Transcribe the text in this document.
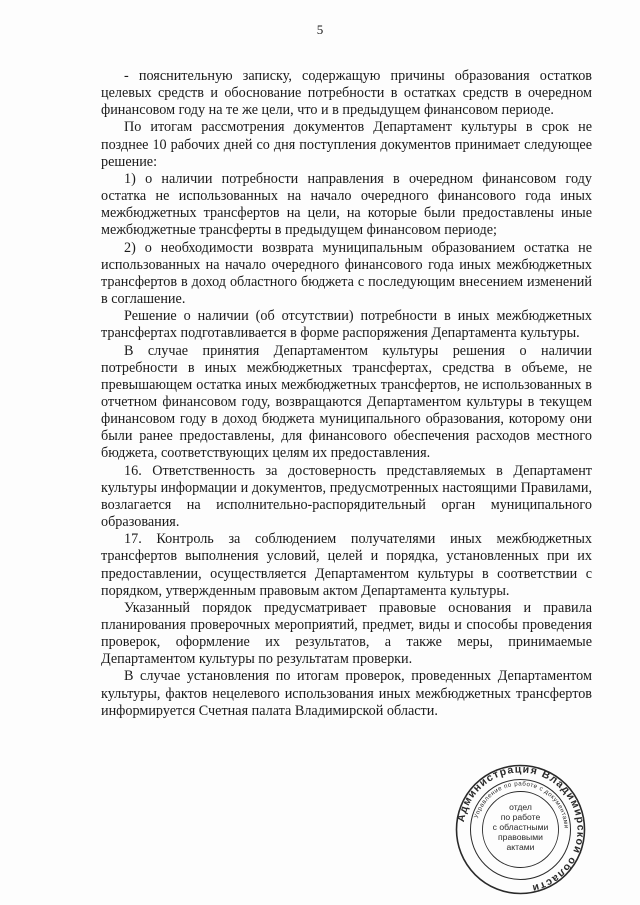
5

- пояснительную записку, содержащую причины образования остатков целевых средств и обоснование потребности в остатках средств в очередном финансовом году на те же цели, что и в предыдущем финансовом периоде.

По итогам рассмотрения документов Департамент культуры в срок не позднее 10 рабочих дней со дня поступления документов принимает следующее решение:

1) о наличии потребности направления в очередном финансовом году остатка не использованных на начало очередного финансового года иных межбюджетных трансфертов на цели, на которые были предоставлены иные межбюджетные трансферты в предыдущем финансовом периоде;

2) о необходимости возврата муниципальным образованием остатка не использованных на начало очередного финансового года иных межбюджетных трансфертов в доход областного бюджета с последующим внесением изменений в соглашение.

Решение о наличии (об отсутствии) потребности в иных межбюджетных трансфертах подготавливается в форме распоряжения Департамента культуры.

В случае принятия Департаментом культуры решения о наличии потребности в иных межбюджетных трансфертах, средства в объеме, не превышающем остатка иных межбюджетных трансфертов, не использованных в отчетном финансовом году, возвращаются Департаментом культуры в текущем финансовом году в доход бюджета муниципального образования, которому они были ранее предоставлены, для финансового обеспечения расходов местного бюджета, соответствующих целям их предоставления.

16. Ответственность за достоверность представляемых в Департамент культуры информации и документов, предусмотренных настоящими Правилами, возлагается на исполнительно-распорядительный орган муниципального образования.

17. Контроль за соблюдением получателями иных межбюджетных трансфертов выполнения условий, целей и порядка, установленных при их предоставлении, осуществляется Департаментом культуры в соответствии с порядком, утвержденным правовым актом Департамента культуры.

Указанный порядок предусматривает правовые основания и правила планирования проверочных мероприятий, предмет, виды и способы проведения проверок, оформление их результатов, а также меры, принимаемые Департаментом культуры по результатам проверки.

В случае установления по итогам проверок, проведенных Департаментом культуры, фактов нецелевого использования иных межбюджетных трансфертов информируется Счетная палата Владимирской области.

Администрация Владимирской области
Управление по работе с документами
отдел
по работе
с областными
правовыми
актами
